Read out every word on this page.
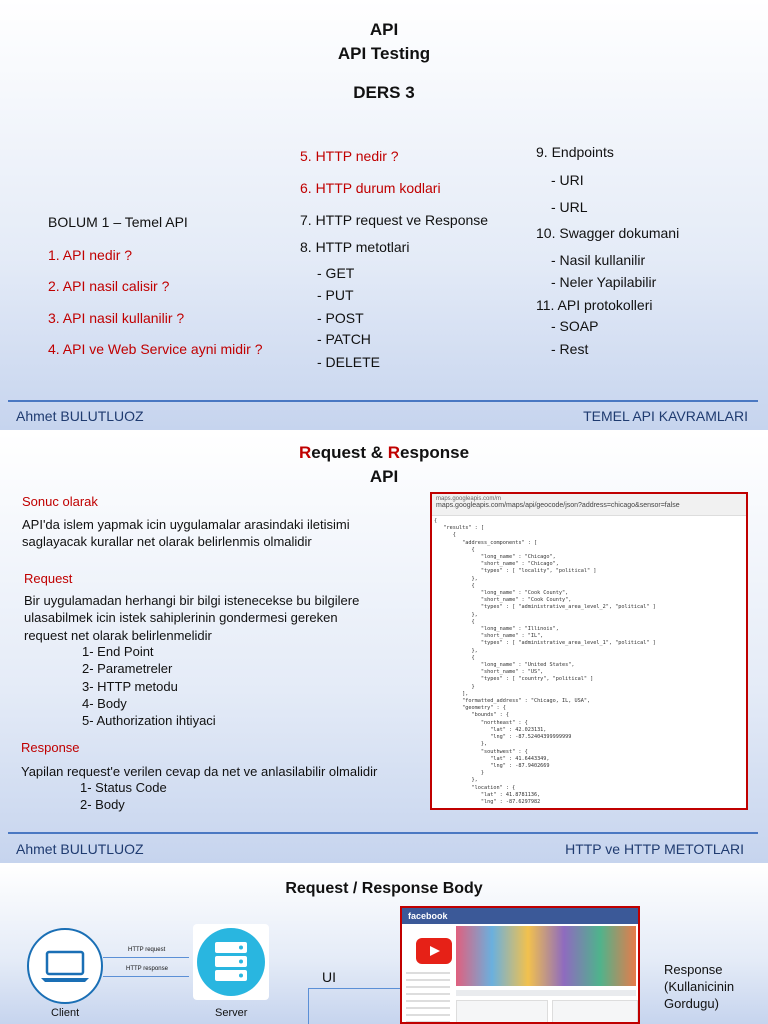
API
API Testing
DERS 3
BOLUM 1 – Temel API
1. API nedir ?
2. API nasil calisir ?
3. API nasil kullanilir ?
4. API ve Web Service ayni midir ?
5. HTTP nedir ?
6. HTTP durum kodlari
7. HTTP request ve Response
8. HTTP metotlari
- GET
- PUT
- POST
- PATCH
- DELETE
9. Endpoints
- URI
- URL
10. Swagger dokumani
- Nasil kullanilir
- Neler Yapilabilir
11. API protokolleri
- SOAP
- Rest
Ahmet BULUTLUOZ	TEMEL API KAVRAMLARI
Request & Response
API
Sonuc olarak
API'da islem yapmak icin uygulamalar arasindaki iletisimi
saglayacak kurallar net olarak belirlenmis olmalidir
Request
Bir uygulamadan herhangi bir bilgi istenecekse bu bilgilere
ulasabilmek icin istek sahiplerinin gondermesi gereken
request net olarak belirlenmelidir
1- End Point
2- Parametreler
3- HTTP metodu
4- Body
5- Authorization ihtiyaci
Response
Yapilan request'e verilen cevap da net ve anlasilabilir olmalidir
1- Status Code
2- Body
maps.googleapis.com/m
maps.googleapis.com/maps/api/geocode/json?address=chicago&sensor=false
{
"results" : [
{
"address_components" : [
{
"long_name" : "Chicago",
"short_name" : "Chicago",
"types" : [ "locality", "political" ]
},
{
"long_name" : "Cook County",
"short_name" : "Cook County",
"types" : [ "administrative_area_level_2", "political" ]
},
{
"long_name" : "Illinois",
"short_name" : "IL",
"types" : [ "administrative_area_level_1", "political" ]
},
{
"long_name" : "United States",
"short_name" : "US",
"types" : [ "country", "political" ]
}
],
"formatted_address" : "Chicago, IL, USA",
"geometry" : {
"bounds" : {
"northeast" : {
"lat" : 42.023131,
"lng" : -87.52404399999999
},
"southwest" : {
"lat" : 41.6443349,
"lng" : -87.9402669
}
},
"location" : {
"lat" : 41.8781136,
"lng" : -87.6297982
Ahmet BULUTLUOZ	HTTP ve HTTP METOTLARI
Request / Response Body
Client
HTTP request
HTTP response
Server
UI
facebook
Response
(Kullanicinin
Gordugu)
